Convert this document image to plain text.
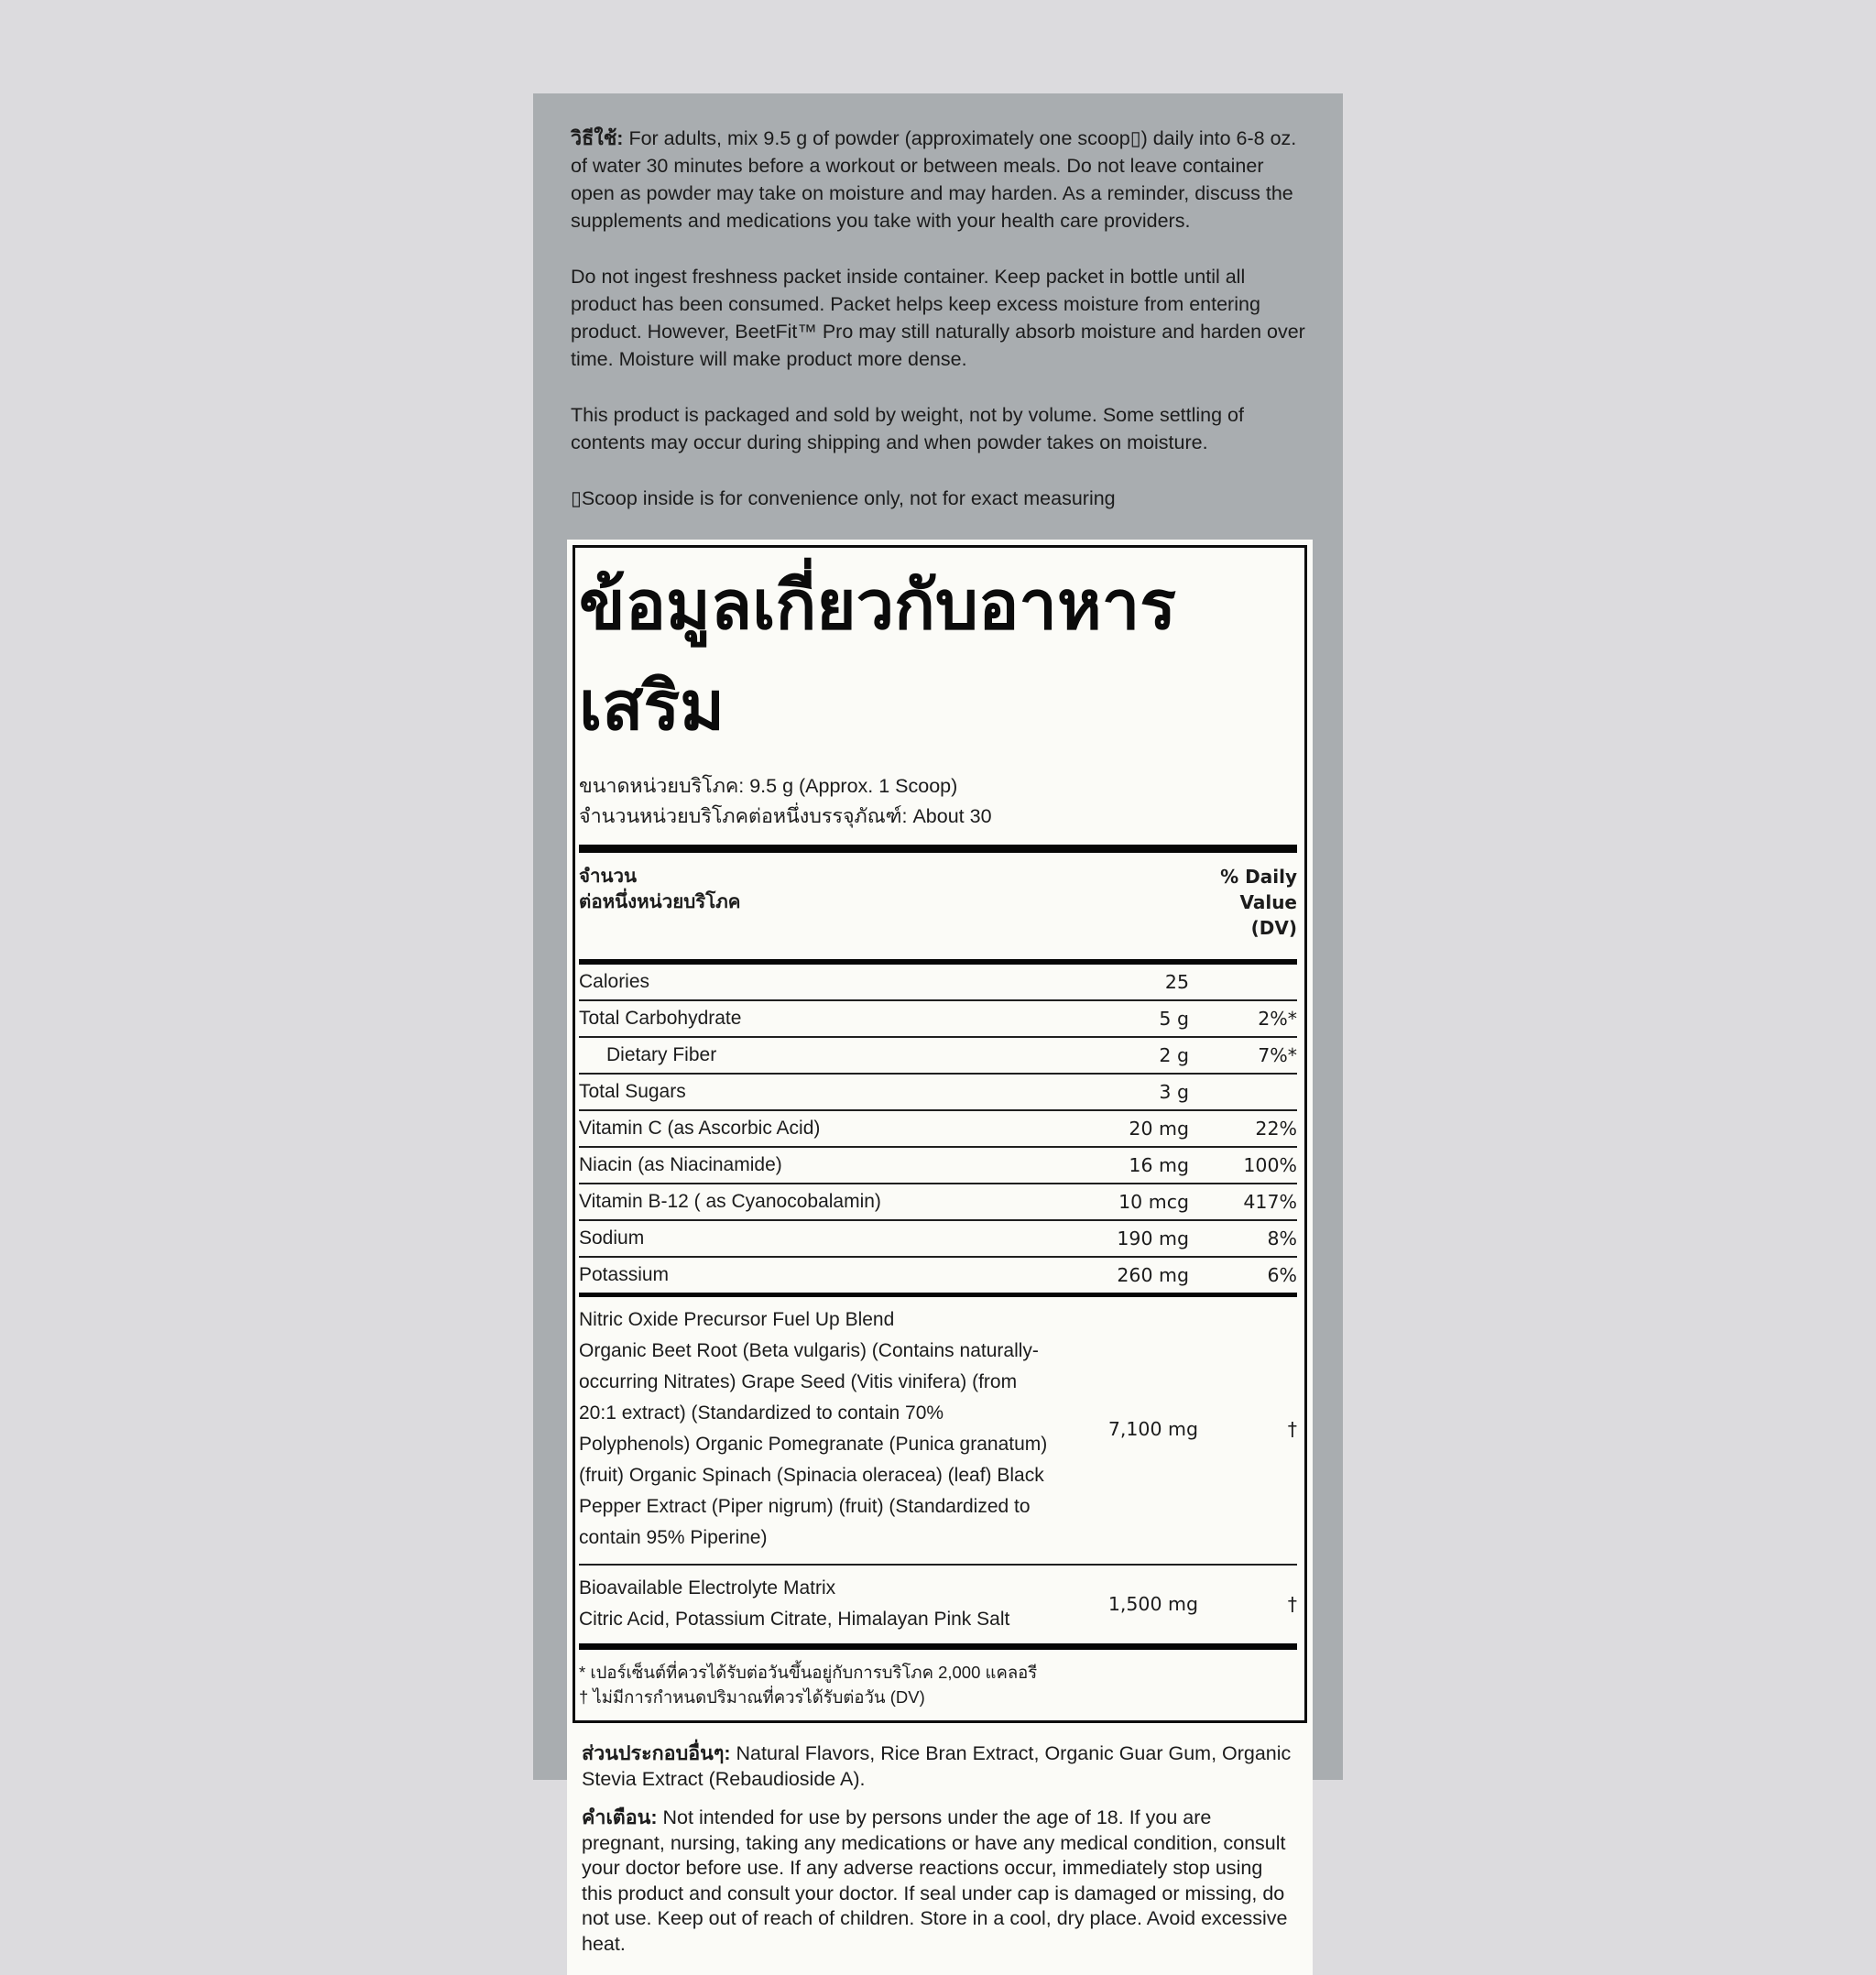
วิธีใช้: For adults, mix 9.5 g of powder (approximately one scoop▯) daily into 6-8 oz. of water 30 minutes before a workout or between meals. Do not leave container open as powder may take on moisture and may harden. As a reminder, discuss the supplements and medications you take with your health care providers.

Do not ingest freshness packet inside container. Keep packet in bottle until all product has been consumed. Packet helps keep excess moisture from entering product. However, BeetFit™ Pro may still naturally absorb moisture and harden over time. Moisture will make product more dense.

This product is packaged and sold by weight, not by volume. Some settling of contents may occur during shipping and when powder takes on moisture.

▯Scoop inside is for convenience only, not for exact measuring

ข้อมูลเกี่ยวกับอาหารเสริม
ขนาดหน่วยบริโภค: 9.5 g (Approx. 1 Scoop)
จำนวนหน่วยบริโภคต่อหนึ่งบรรจุภัณฑ์: About 30
จำนวน
ต่อหนึ่งหน่วยบริโภค
% Daily
Value
(DV)
Calories	25
Total Carbohydrate	5 g	2%*
Dietary Fiber	2 g	7%*
Total Sugars	3 g
Vitamin C (as Ascorbic Acid)	20 mg	22%
Niacin (as Niacinamide)	16 mg	100%
Vitamin B-12 ( as Cyanocobalamin)	10 mcg	417%
Sodium	190 mg	8%
Potassium	260 mg	6%
Nitric Oxide Precursor Fuel Up Blend
Organic Beet Root (Beta vulgaris) (Contains naturally-occurring Nitrates) Grape Seed (Vitis vinifera) (from 20:1 extract) (Standardized to contain 70% Polyphenols) Organic Pomegranate (Punica granatum) (fruit) Organic Spinach (Spinacia oleracea) (leaf) Black Pepper Extract (Piper nigrum) (fruit) (Standardized to contain 95% Piperine)
7,100 mg	†
Bioavailable Electrolyte Matrix
Citric Acid, Potassium Citrate, Himalayan Pink Salt
1,500 mg	†
* เปอร์เซ็นต์ที่ควรได้รับต่อวันขึ้นอยู่กับการบริโภค 2,000 แคลอรี
† ไม่มีการกำหนดปริมาณที่ควรได้รับต่อวัน (DV)

ส่วนประกอบอื่นๆ: Natural Flavors, Rice Bran Extract, Organic Guar Gum, Organic Stevia Extract (Rebaudioside A).

คำเตือน: Not intended for use by persons under the age of 18. If you are pregnant, nursing, taking any medications or have any medical condition, consult your doctor before use. If any adverse reactions occur, immediately stop using this product and consult your doctor. If seal under cap is damaged or missing, do not use. Keep out of reach of children. Store in a cool, dry place. Avoid excessive heat.
